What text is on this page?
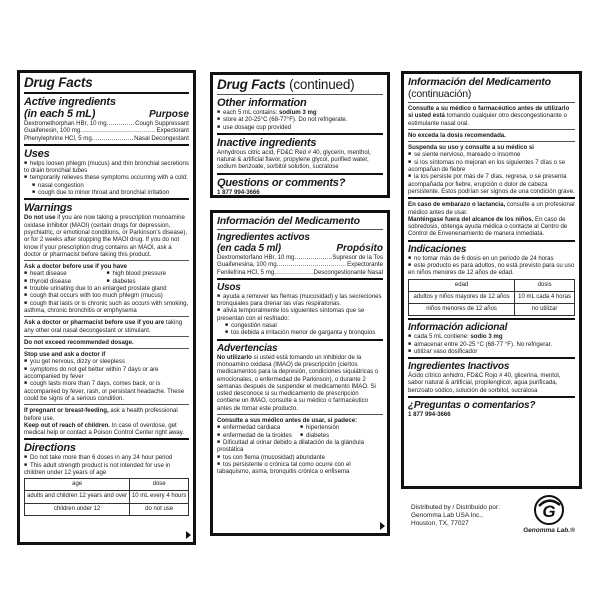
Drug Facts
Active ingredients
(in each 5 mL)	Purpose
Dextromethorphan HBr, 10 mg .....	Cough Suppressant
Guaifenesin, 100 mg .....	Expectorant
Phenylephrine HCl, 5 mg .....	Nasal Decongestant
Uses
■ helps loosen phlegm (mucus) and thin bronchial secretions to drain bronchial tubes
■ temporarily relieves these symptoms occurring with a cold:
■ nasal congestion
■ cough due to minor throat and bronchial irritation
Warnings
Do not use if you are now taking a prescription monoamine oxidase inhibitor (MAOI) (certain drugs for depression, psychiatric, or emotional conditions, or Parkinson's disease), or for 2 weeks after stopping the MAOI drug. If you do not know if your prescription drug contains an MAOI, ask a doctor or pharmacist before taking this product.
Ask a doctor before use if you have
■ heart disease	■ high blood pressure
■ thyroid disease	■ diabetes
■ trouble urinating due to an enlarged prostate gland
■ cough that occurs with too much phlegm (mucus)
■ cough that lasts or is chronic such as occurs with smoking, asthma, chronic bronchitis or emphysema
Ask a doctor or pharmacist before use if you are taking any other oral nasal decongestant or stimulant.
Do not exceed recommended dosage.
Stop use and ask a doctor if
■ you get nervous, dizzy or sleepless
■ symptoms do not get better within 7 days or are accompanied by fever
■ cough lasts more than 7 days, comes back, or is accompanied by fever, rash, or persistant headache. These could be signs of a serious condition.
If pregnant or breast-feeding, ask a health professional before use.
Keep out of reach of children. In case of overdose, get medical help or contact a Poison Control Center right away.
Directions
■ Do not take more than 6 doses in any 24 hour period
■ This adult strength product is not intended for use in children under 12 years of age
age	dose
adults and children 12 years and over	10 mL every 4 hours
children under 12	do not use
Drug Facts (continued)
Other information
■ each 5 mL contains: sodium 3 mg
■ store at 20-25°C (68-77°F). Do not refrigerate.
■ use dosage cup provided
Inactive ingredients
Anhydrous citric acid, FD&C Red # 40, glycerin, menthol, natural & artificial flavor, propylene glycol, purified water, sodium benzoate, sorbitol solution, sucralose
Questions or comments?
1 877 994-3666
Información del Medicamento
Ingredientes activos
(en cada 5 ml)	Propósito
Dextrometorfano HBr, 10 mg .....	Supresor de la Tos
Guaifenesina, 100 mg .....	Expectorante
Fenilefrina HCl, 5 mg .....	Descongestionante Nasal
Usos
■ ayuda a remover las flemas (mucosidad) y las secreciones bronquiales para drenar las vías respiratorias.
■ alivia temporalmente los siguientes síntomas que se presentan con el resfriado:
■ congestión nasal
■ tos debida a irritación menor de garganta y bronquios
Advertencias
No utilizarlo si usted está tomando un inhibidor de la monoamino oxidasa (IMAO) de prescripción (ciertos medicamentos para la depresión, condiciones siquiátricas o emocionales, o enfermedad de Parkinson), o durante 2 semanas después de suspender el medicamento IMAO. Si usted desconoce si su medicamento de prescripción contiene un IMAO, consulte a su médico o farmacéutico antes de tomar este producto.
Consulte a sus médico antes de usar, si padece:
■ enfermedad cardiaca	■ hipertensión
■ enfermedad de la tiroides	■ diabetes
■ Dificultad al orinar debido a dilatación de la glándula prostática
■ tos con flema (mucosidad) abundante
■ tos persistente o crónica tal como ocurre con el tabaquismo, asma, bronquitis crónica o enfisema
Información del Medicamento
(continuación)
Consulte a su médico o farmacéutico antes de utilizarlo si usted está tomando cualquier otro descongestionante o estimulante nasal oral.
No exceda la dosis recomendada.
Suspenda su uso y consulte a su médico si
■ se siente nervioso, mareado o insomne
■ si los síntomas no mejoran en los siguientes 7 días o se acompañan de fiebre
■ la tos persiste por más de 7 días, regresa, o se presenta acompañada por fiebre, erupción o dolor de cabeza persistente. Estos podrían ser signos de una condición grave.
En caso de embarazo o lactancia, consulte a un profesional médico antes de usar.
Manténgase fuera del alcance de los niños. En caso de sobredosis, obtenga ayuda médica o contacte al Centro de Control de Envenenamiento de manera inmediata.
Indicaciones
■ no tomar más de 6 dosis en un periodo de 24 horas
■ este producto es para adultos, no está previsto para su uso en niños menores de 12 años de edad.
edad	dosis
adultos y niños mayores de 12 años	10 mL cada 4 horas
niños menores de 12 años	no utilizar
Información adicional
■ cada 5 mL contiene: sodio 3 mg
■ almacenar entre 20-25 °C (68-77 °F). No refrigerar.
■ utilizar vaso dosificador
Ingredientes Inactivos
Ácido cítrico anhidro, FD&C Rojo # 40, glicerina, mentol, sabor natural & artificial, propilenglicol, agua purificada, benzoato sódico, solución de sorbitol, sucralosa
¿Preguntas o comentarios?
1 877 994-3666
Distributed by / Distribuido por:
Genomma Lab USA Inc.,
Houston, TX, 77027
G
Genomma Lab.®
